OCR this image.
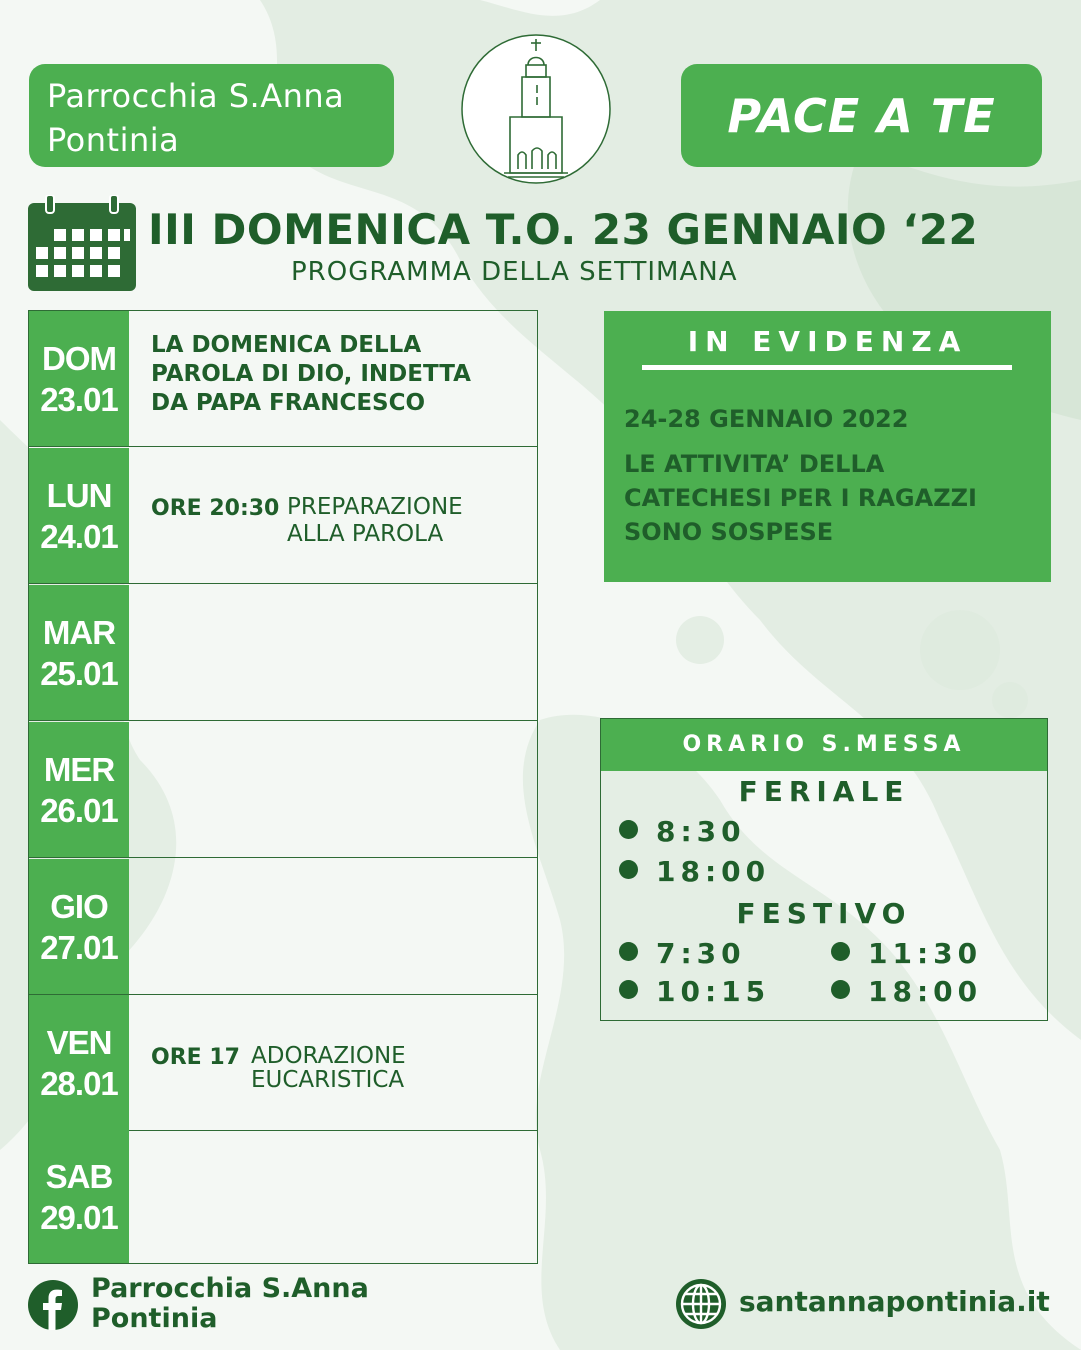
Parrocchia S.Anna
Pontinia	PACE A TE
III DOMENICA T.O. 23 GENNAIO ‘22
PROGRAMMA DELLA SETTIMANA
DOM
23.01
LA DOMENICA DELLA
PAROLA DI DIO, INDETTA
DA PAPA FRANCESCO
LUN
24.01
ORE 20:30 PREPARAZIONE
ALLA PAROLA
MAR
25.01
MER
26.01
GIO
27.01
VEN
28.01
ORE 17 ADORAZIONE
EUCARISTICA
SAB
29.01
IN EVIDENZA
24-28 GENNAIO 2022
LE ATTIVITA’ DELLA
CATECHESI PER I RAGAZZI
SONO SOSPESE
ORARIO S.MESSA
FERIALE
8:30
18:00
FESTIVO
7:30
10:15
11:30
18:00
Parrocchia S.Anna
Pontinia
santannapontinia.it
